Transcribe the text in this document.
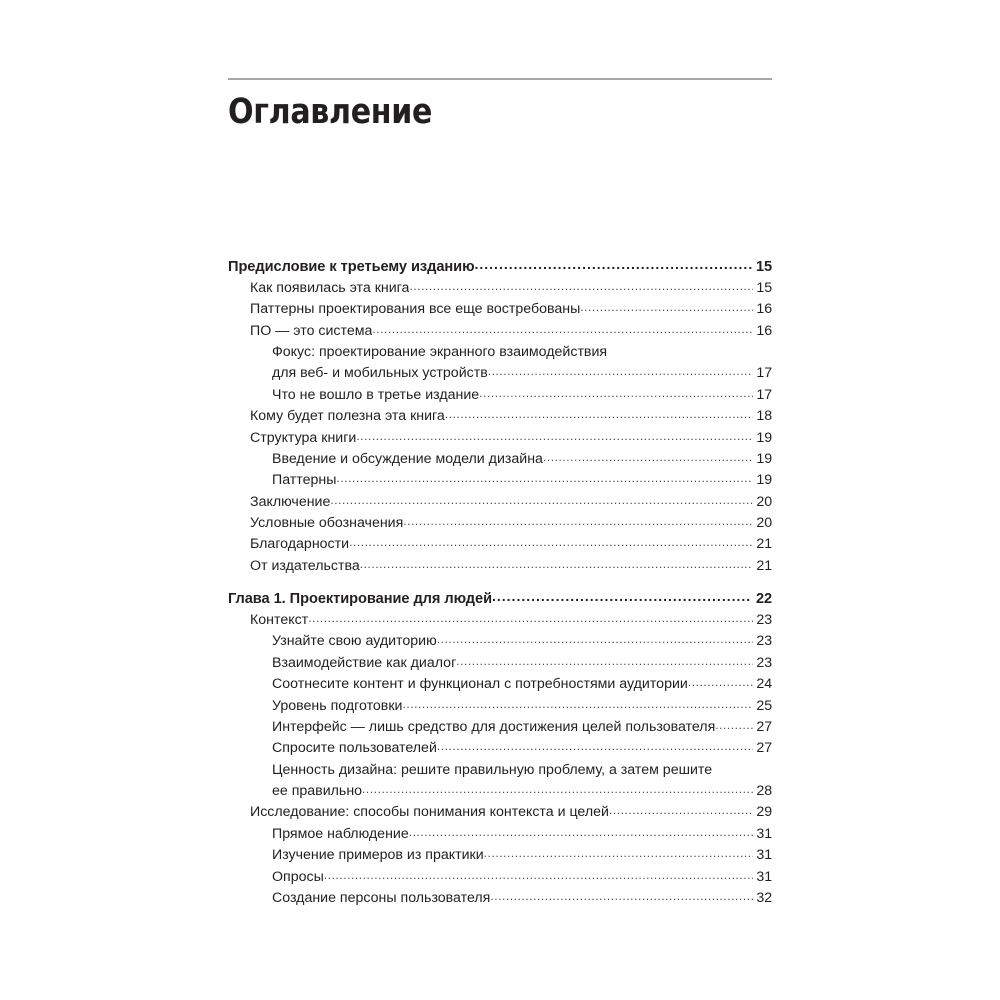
Оглавление
Предисловие к третьему изданию .....	15
Как появилась эта книга .....	15
Паттерны проектирования все еще востребованы .....	16
ПО — это система .....	16
Фокус: проектирование экранного взаимодействия
для веб- и мобильных устройств .....	17
Что не вошло в третье издание .....	17
Кому будет полезна эта книга .....	18
Структура книги .....	19
Введение и обсуждение модели дизайна .....	19
Паттерны .....	19
Заключение .....	20
Условные обозначения .....	20
Благодарности .....	21
От издательства .....	21
Глава 1. Проектирование для людей .....	22
Контекст .....	23
Узнайте свою аудиторию .....	23
Взаимодействие как диалог .....	23
Соотнесите контент и функционал с потребностями аудитории .....	24
Уровень подготовки .....	25
Интерфейс — лишь средство для достижения целей пользователя .....	27
Спросите пользователей .....	27
Ценность дизайна: решите правильную проблему, а затем решите
ее правильно .....	28
Исследование: способы понимания контекста и целей .....	29
Прямое наблюдение .....	31
Изучение примеров из практики .....	31
Опросы .....	31
Создание персоны пользователя .....	32
